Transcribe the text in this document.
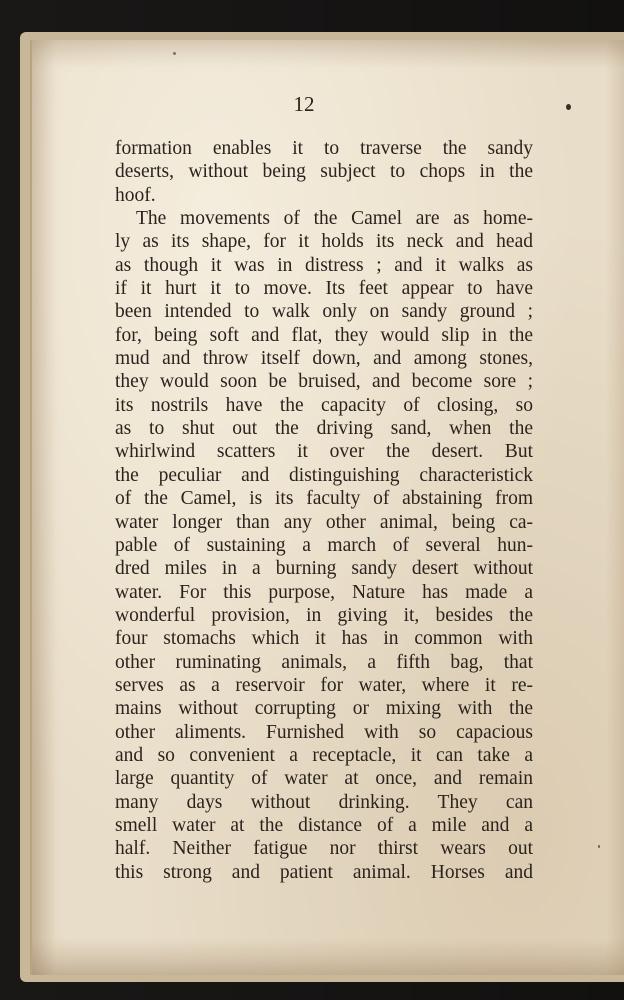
12
formation enables it to traverse the sandy
deserts, without being subject to chops in the
hoof.
The movements of the Camel are as home-
ly as its shape, for it holds its neck and head
as though it was in distress ; and it walks as
if it hurt it to move. Its feet appear to have
been intended to walk only on sandy ground ;
for, being soft and flat, they would slip in the
mud and throw itself down, and among stones,
they would soon be bruised, and become sore ;
its nostrils have the capacity of closing, so
as to shut out the driving sand, when the
whirlwind scatters it over the desert. But
the peculiar and distinguishing characteristick
of the Camel, is its faculty of abstaining from
water longer than any other animal, being ca-
pable of sustaining a march of several hun-
dred miles in a burning sandy desert without
water. For this purpose, Nature has made a
wonderful provision, in giving it, besides the
four stomachs which it has in common with
other ruminating animals, a fifth bag, that
serves as a reservoir for water, where it re-
mains without corrupting or mixing with the
other aliments. Furnished with so capacious
and so convenient a receptacle, it can take a
large quantity of water at once, and remain
many days without drinking. They can
smell water at the distance of a mile and a
half. Neither fatigue nor thirst wears out
this strong and patient animal. Horses and
